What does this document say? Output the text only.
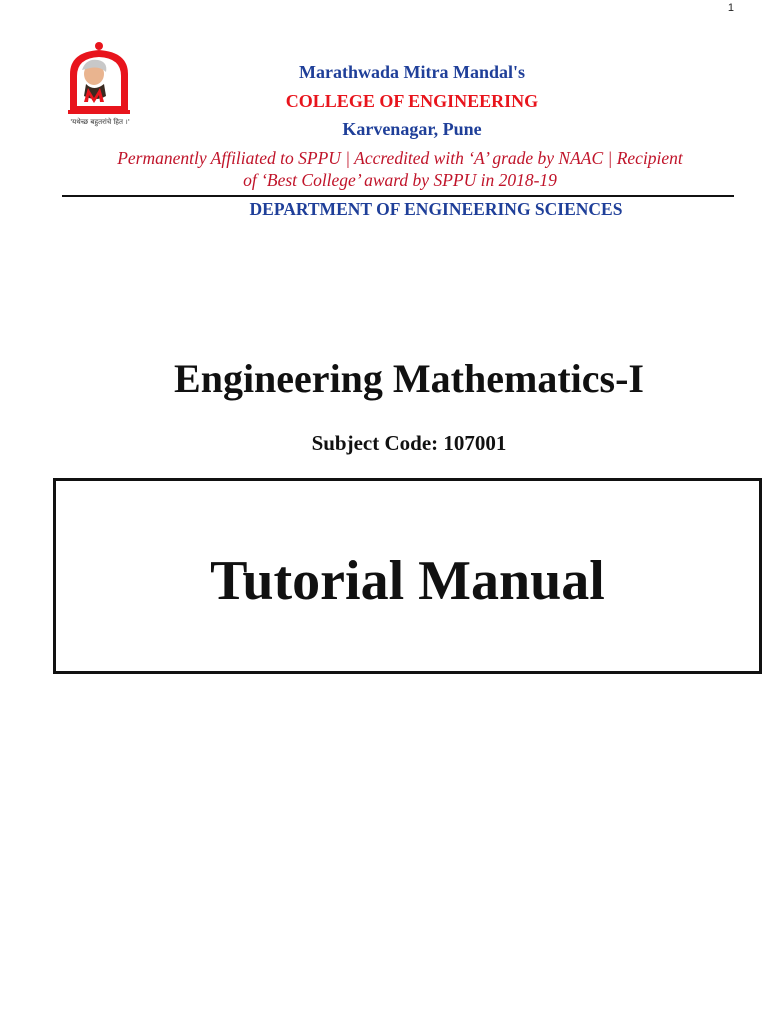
1
'यथेच्छ बहुतरांचे हित ।'
Marathwada Mitra Mandal's
COLLEGE OF ENGINEERING
Karvenagar, Pune
Permanently Affiliated to SPPU | Accredited with ‘A’ grade by NAAC | Recipient
of ‘Best College’ award by SPPU in 2018-19
DEPARTMENT OF ENGINEERING SCIENCES
Engineering Mathematics-I
Subject Code: 107001
Tutorial Manual
